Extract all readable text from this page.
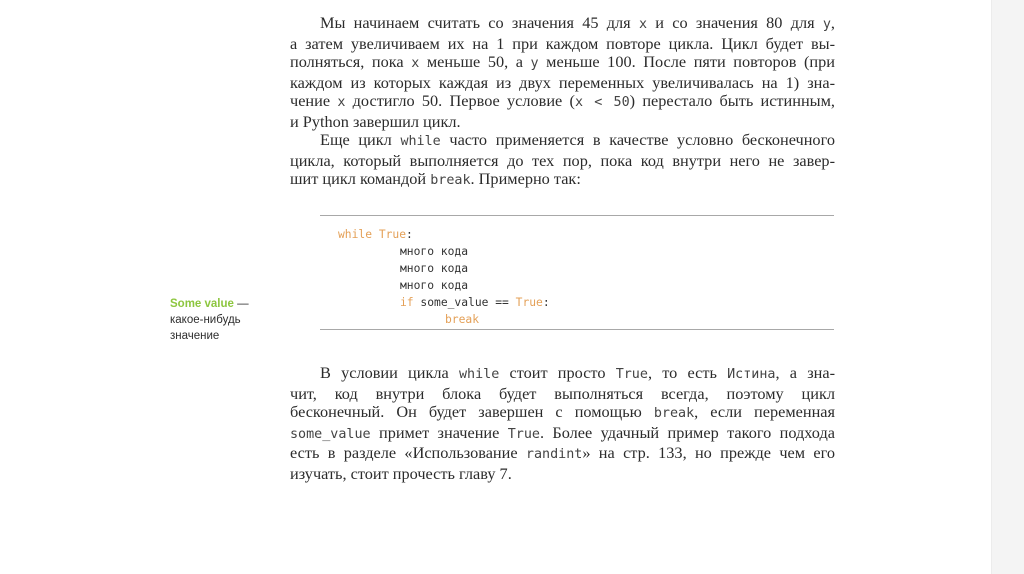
Мы начинаем считать со значения 45 для x и со значения 80 для y,
а затем увеличиваем их на 1 при каждом повторе цикла. Цикл будет вы-
полняться, пока x меньше 50, а y меньше 100. После пяти повторов (при
каждом из которых каждая из двух переменных увеличивалась на 1) зна-
чение x достигло 50. Первое условие (x < 50) перестало быть истинным,
и Python завершил цикл.

Еще цикл while часто применяется в качестве условно бесконечного
цикла, который выполняется до тех пор, пока код внутри него не завер-
шит цикл командой break. Примерно так:

while True:
много кода
много кода
много кода
if some_value == True:
break
Some value —
какое-нибудь
значение

В условии цикла while стоит просто True, то есть Истина, а зна-
чит, код внутри блока будет выполняться всегда, поэтому цикл
бесконечный. Он будет завершен с помощью break, если переменная
some_value примет значение True. Более удачный пример такого подхода
есть в разделе «Использование randint» на стр. 133, но прежде чем его
изучать, стоит прочесть главу 7.
